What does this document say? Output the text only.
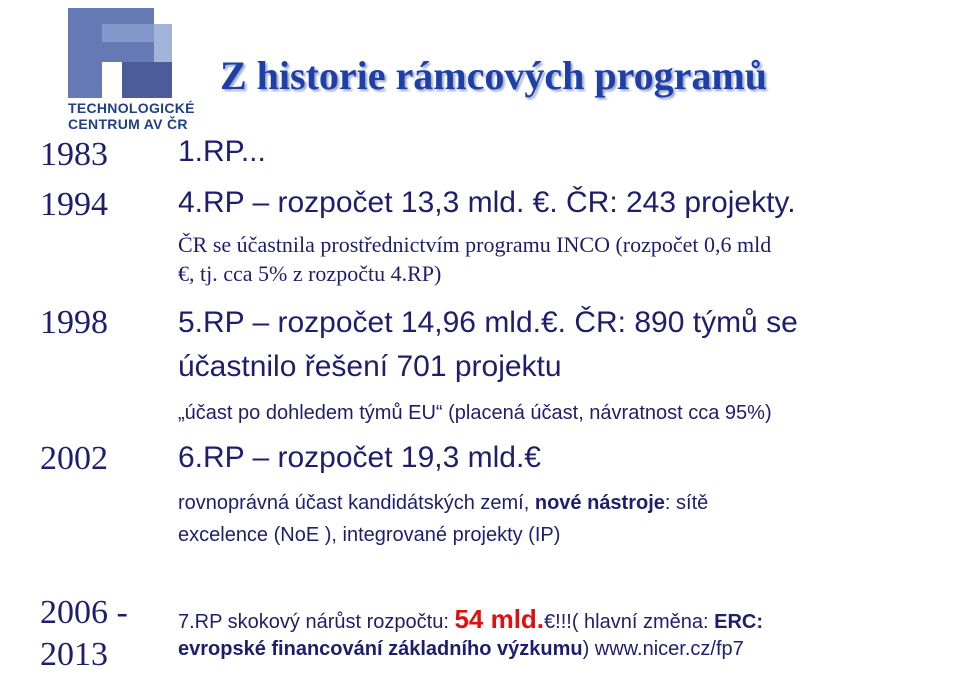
TECHNOLOGICKÉ
CENTRUM AV ČR
Z historie rámcových programů
1983 1.RP...
1994 4.RP – rozpočet 13,3 mld. €. ČR: 243 projekty.
ČR se účastnila prostřednictvím programu INCO (rozpočet 0,6 mld
€, tj. cca 5% z rozpočtu 4.RP)
1998 5.RP – rozpočet 14,96 mld.€. ČR: 890 týmů se
účastnilo řešení 701 projektu
„účast po dohledem týmů EU“ (placená účast, návratnost cca 95%)
2002 6.RP – rozpočet 19,3 mld.€
rovnoprávná účast kandidátských zemí, nové nástroje: sítě
excelence (NoE ), integrované projekty (IP)
2006 -
2013
7.RP skokový nárůst rozpočtu: 54 mld.€!!!( hlavní změna: ERC:
evropské financování základního výzkumu) www.nicer.cz/fp7
